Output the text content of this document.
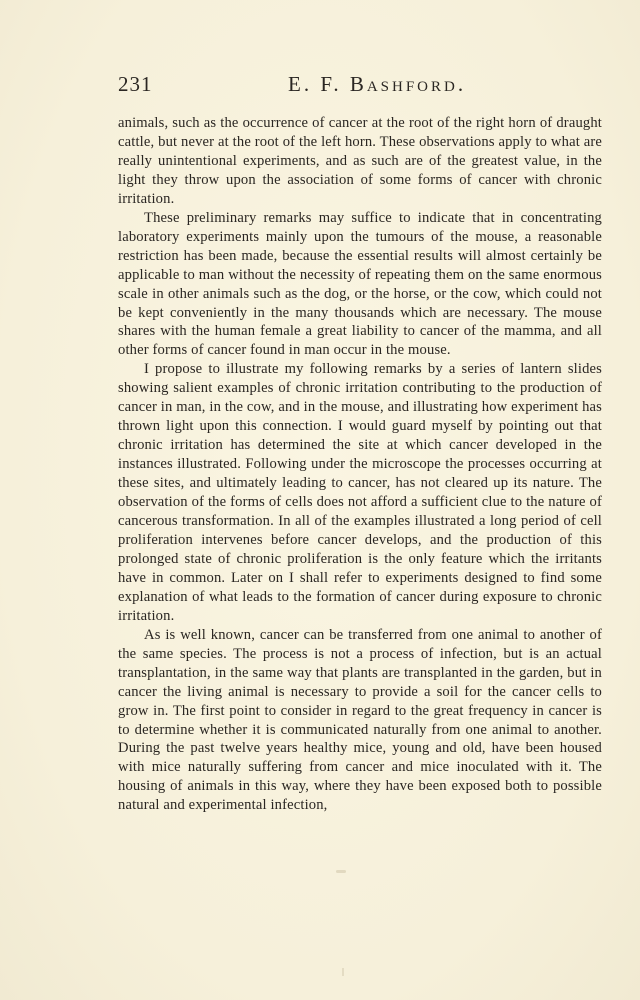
231	E. F. Bashford.

animals, such as the occurrence of cancer at the root of the right horn of draught cattle, but never at the root of the left horn. These observations apply to what are really unintentional experiments, and as such are of the greatest value, in the light they throw upon the association of some forms of cancer with chronic irritation.

These preliminary remarks may suffice to indicate that in concentrating laboratory experiments mainly upon the tumours of the mouse, a reasonable restriction has been made, because the essential results will almost certainly be applicable to man without the necessity of repeating them on the same enormous scale in other animals such as the dog, or the horse, or the cow, which could not be kept conveniently in the many thousands which are necessary. The mouse shares with the human female a great liability to cancer of the mamma, and all other forms of cancer found in man occur in the mouse.

I propose to illustrate my following remarks by a series of lantern slides showing salient examples of chronic irritation contributing to the production of cancer in man, in the cow, and in the mouse, and illustrating how experiment has thrown light upon this connection. I would guard myself by pointing out that chronic irritation has determined the site at which cancer developed in the instances illustrated. Following under the microscope the processes occurring at these sites, and ultimately leading to cancer, has not cleared up its nature. The observation of the forms of cells does not afford a sufficient clue to the nature of cancerous transformation. In all of the examples illustrated a long period of cell proliferation intervenes before cancer develops, and the production of this prolonged state of chronic proliferation is the only feature which the irritants have in common. Later on I shall refer to experiments designed to find some explanation of what leads to the formation of cancer during exposure to chronic irritation.

As is well known, cancer can be transferred from one animal to another of the same species. The process is not a process of infection, but is an actual transplantation, in the same way that plants are transplanted in the garden, but in cancer the living animal is necessary to provide a soil for the cancer cells to grow in. The first point to consider in regard to the great frequency in cancer is to determine whether it is communicated naturally from one animal to another. During the past twelve years healthy mice, young and old, have been housed with mice naturally suffering from cancer and mice inoculated with it. The housing of animals in this way, where they have been exposed both to possible natural and experimental infection,
